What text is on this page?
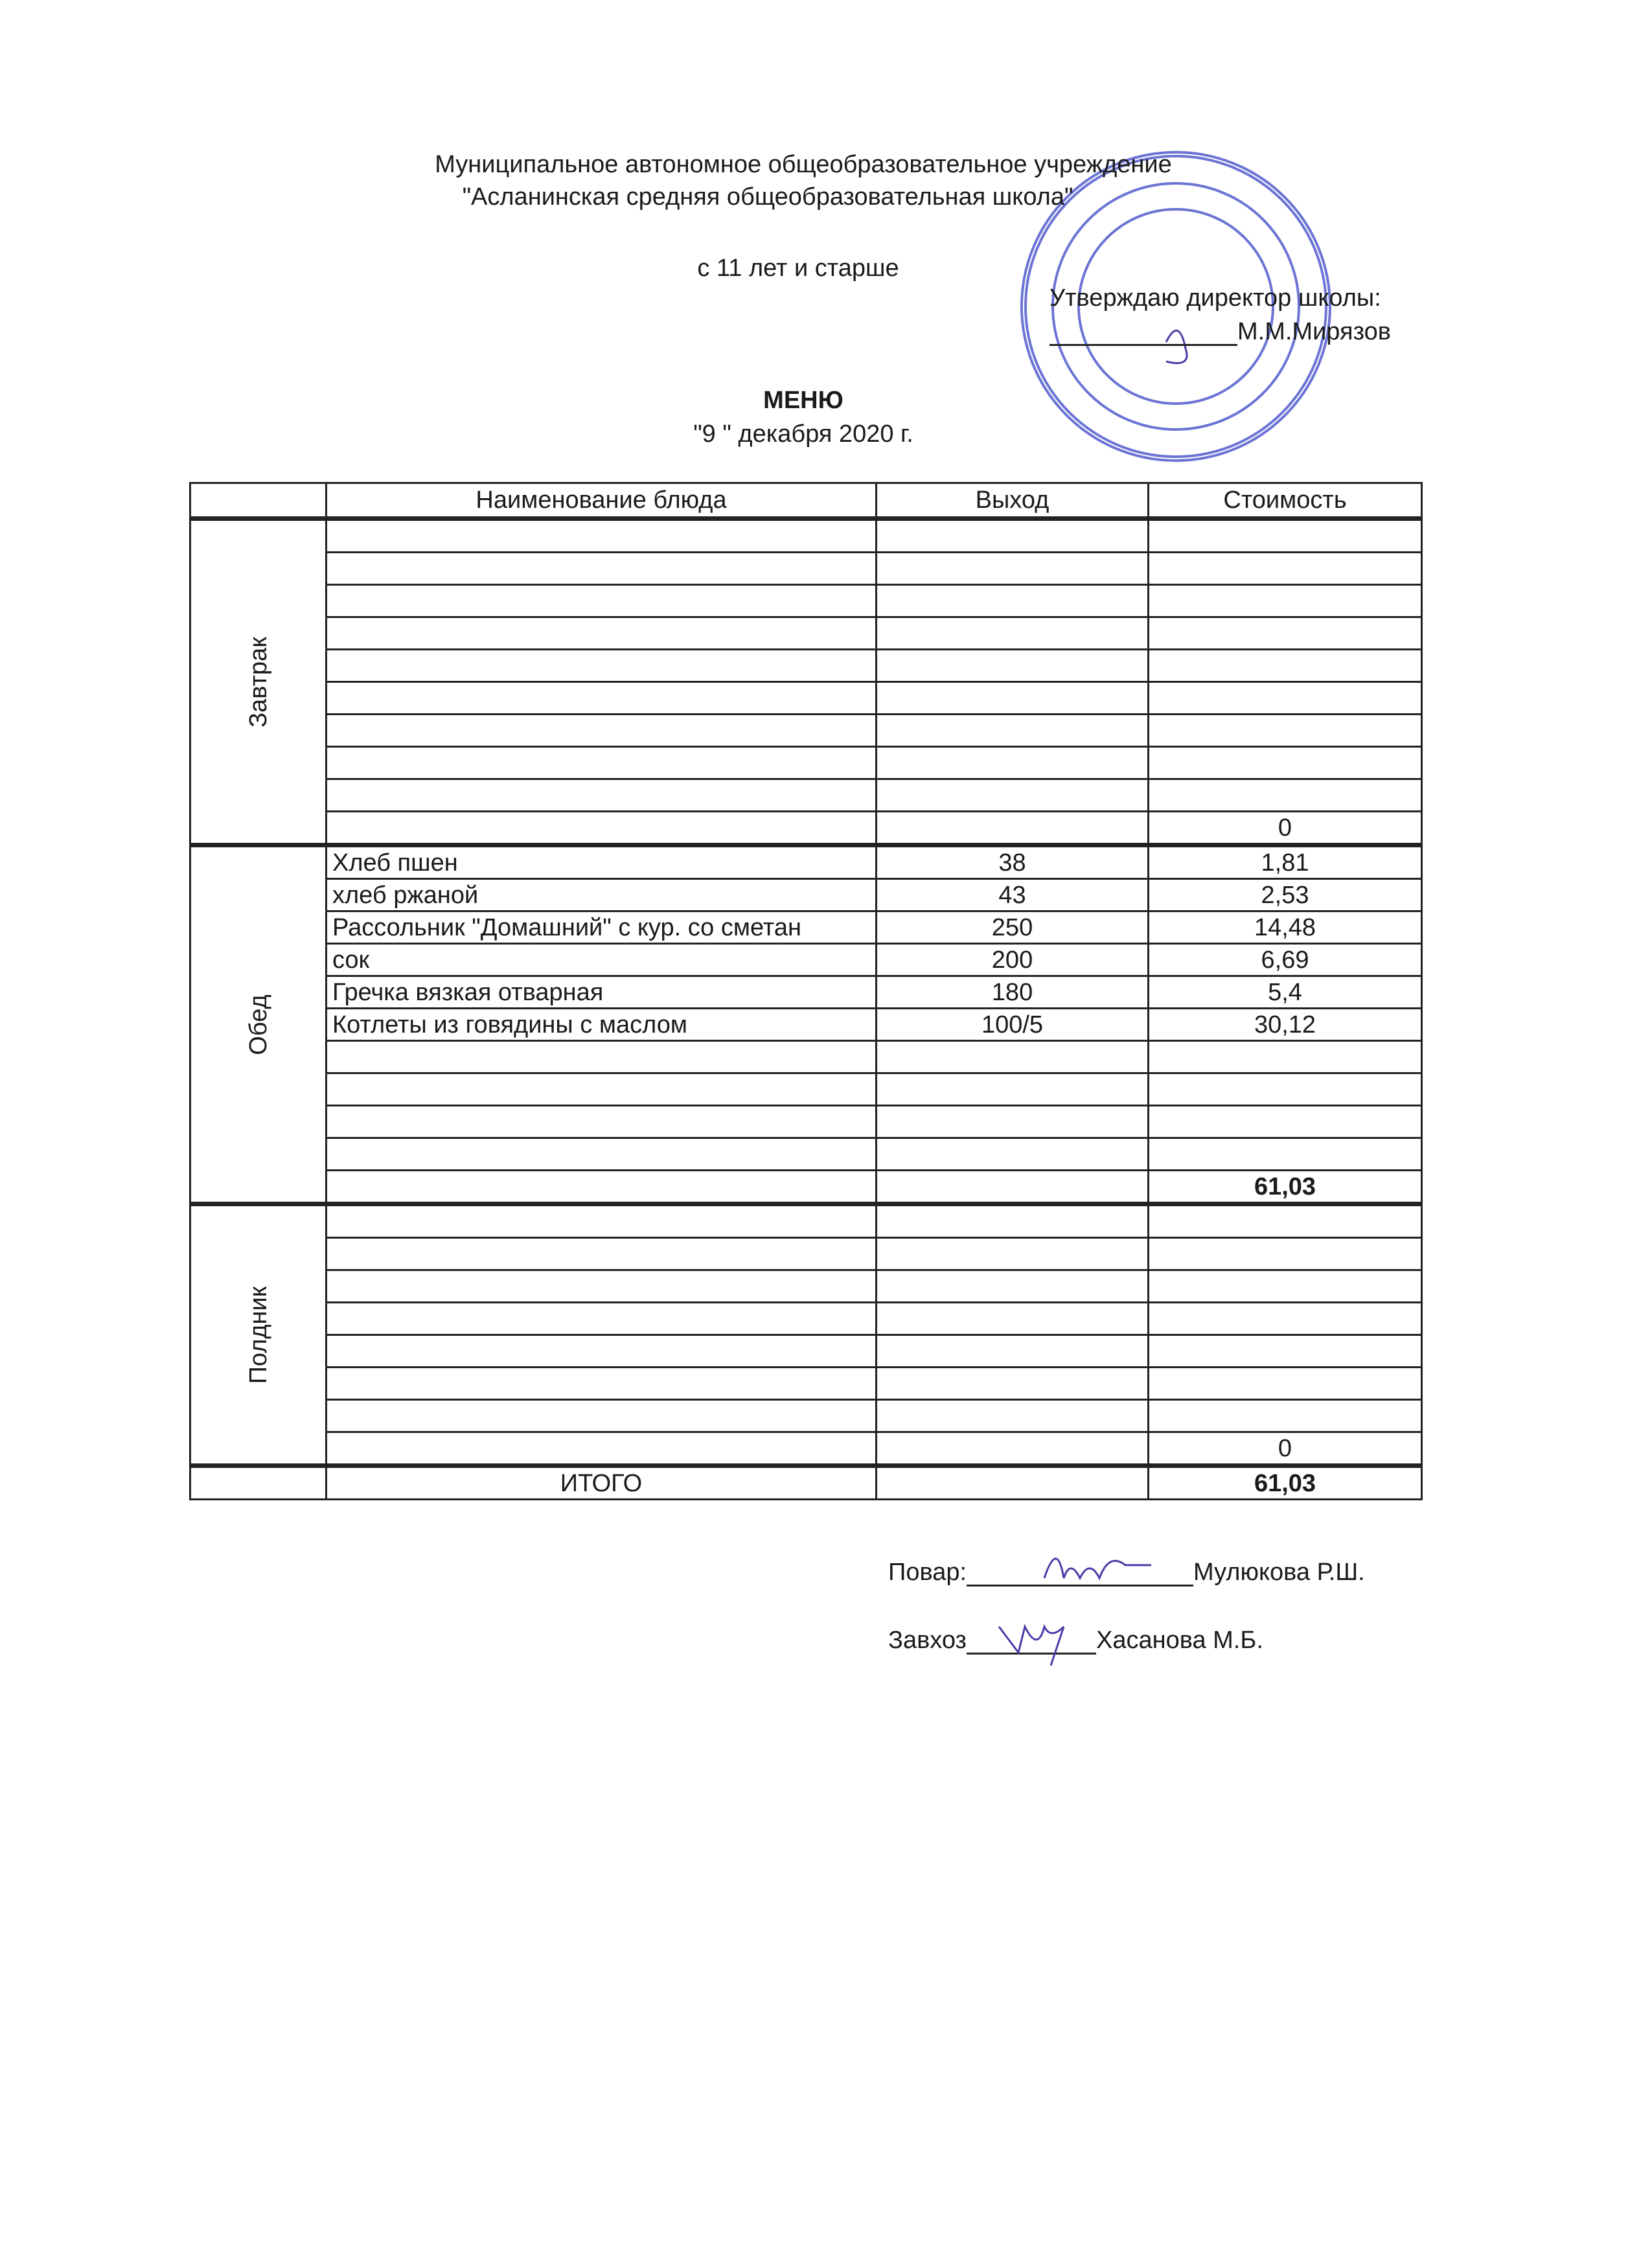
Муниципальное автономное общеобразовательное учреждение
"Асланинская средняя общеобразовательная школа"
с 11 лет и старше
Утверждаю директор школы:
М.М.Мирязов
МЕНЮ
"9 " декабря 2020 г.
	Наименование блюда	Выход	Стоимость

Завтрак			

			0

Обед	Хлеб пшен	38	1,81
	хлеб ржаной	43	2,53
	Рассольник "Домашний" с кур. со сметан	250	14,48
	сок	200	6,69
	Гречка вязкая отварная	180	5,4
	Котлеты из говядины с маслом	100/5	30,12

			61,03

Полдник			

			0
	ИТОГО		61,03
Повар:	Мулюкова Р.Ш.
Завхоз	Хасанова М.Б.
